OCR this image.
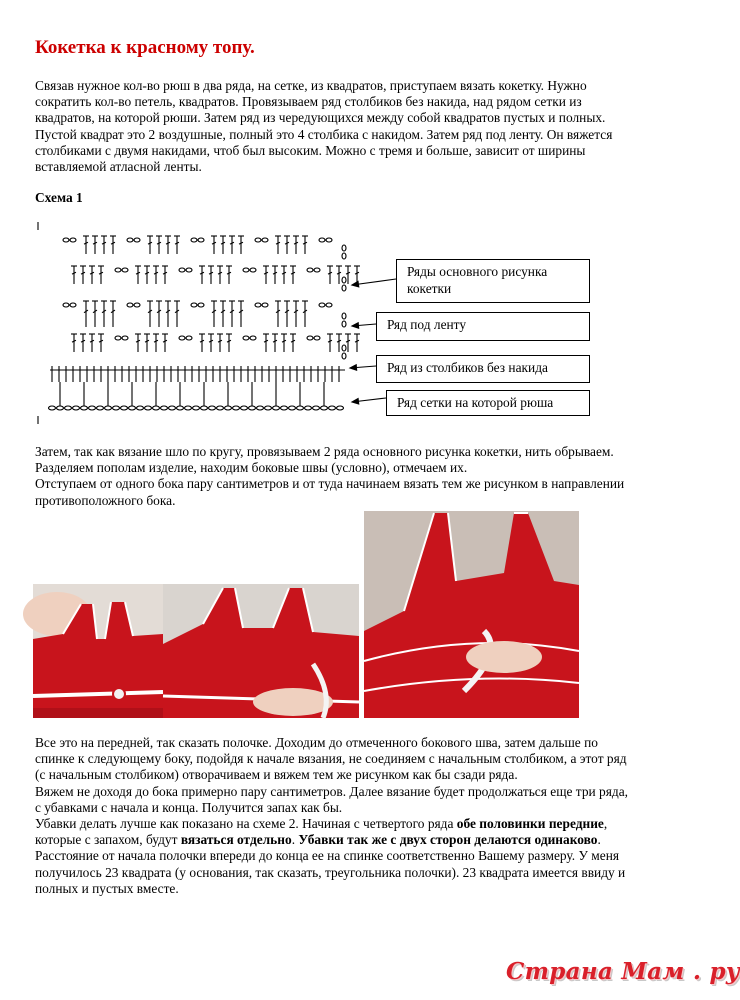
Кокетка к красному топу.

Связав нужное кол-во рюш в два ряда, на сетке, из квадратов, приступаем вязать кокетку. Нужно

сократить кол-во петель, квадратов. Провязываем ряд столбиков без накида, над рядом сетки из

квадратов, на которой рюши. Затем ряд из чередующихся между собой квадратов пустых и полных.

Пустой квадрат это 2 воздушные, полный это 4 столбика с накидом. Затем ряд под ленту. Он вяжется

столбиками с двумя накидами, чтоб был высоким. Можно с тремя и больше, зависит от ширины

вставляемой атласной ленты.

Схема 1

Ряды основного рисунка кокетки
Ряд под ленту
Ряд из столбиков без накида
Ряд сетки на которой рюша

Затем, так как вязание шло по кругу, провязываем 2 ряда основного рисунка кокетки, нить обрываем.

Разделяем пополам изделие, находим боковые швы (условно), отмечаем их.

Отступаем от одного бока пару сантиметров и от туда начинаем вязать тем же рисунком в направлении

противоположного бока.

Все это на передней, так сказать полочке. Доходим до отмеченного бокового шва, затем дальше по

спинке к следующему боку, подойдя к начале вязания, не соединяем с начальным столбиком, а этот ряд

(с начальным столбиком) отворачиваем и вяжем тем же рисунком как бы сзади ряда.

Вяжем не доходя до бока примерно пару сантиметров. Далее вязание будет продолжаться еще три ряда,

с убавками с начала и конца. Получится запах как бы.

Убавки делать лучше как показано на схеме 2. Начиная с четвертого ряда обе половинки передние,

которые с запахом, будут вязаться отдельно. Убавки так же с двух сторон делаются одинаково.

Расстояние от начала полочки впереди до конца ее на спинке соответственно Вашему размеру. У меня

получилось 23 квадрата (у основания, так сказать, треугольника полочки). 23 квадрата имеется ввиду и

полных и пустых вместе.

Страна Мам . ру
